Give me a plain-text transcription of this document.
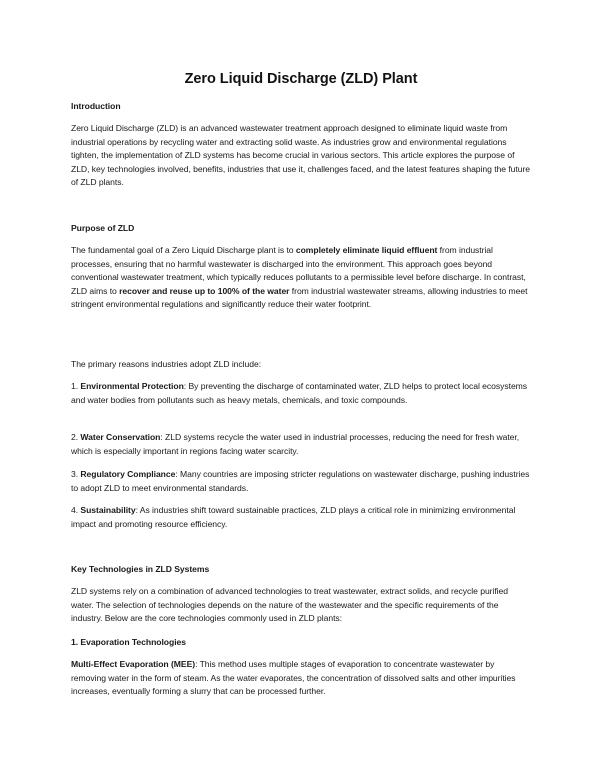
Zero Liquid Discharge (ZLD) Plant
Introduction

Zero Liquid Discharge (ZLD) is an advanced wastewater treatment approach designed to eliminate liquid waste from industrial operations by recycling water and extracting solid waste. As industries grow and environmental regulations tighten, the implementation of ZLD systems has become crucial in various sectors. This article explores the purpose of ZLD, key technologies involved, benefits, industries that use it, challenges faced, and the latest features shaping the future of ZLD plants.

Purpose of ZLD

The fundamental goal of a Zero Liquid Discharge plant is to completely eliminate liquid effluent from industrial processes, ensuring that no harmful wastewater is discharged into the environment. This approach goes beyond conventional wastewater treatment, which typically reduces pollutants to a permissible level before discharge. In contrast, ZLD aims to recover and reuse up to 100% of the water from industrial wastewater streams, allowing industries to meet stringent environmental regulations and significantly reduce their water footprint.

The primary reasons industries adopt ZLD include:

1. Environmental Protection: By preventing the discharge of contaminated water, ZLD helps to protect local ecosystems and water bodies from pollutants such as heavy metals, chemicals, and toxic compounds.

2. Water Conservation: ZLD systems recycle the water used in industrial processes, reducing the need for fresh water, which is especially important in regions facing water scarcity.

3. Regulatory Compliance: Many countries are imposing stricter regulations on wastewater discharge, pushing industries to adopt ZLD to meet environmental standards.

4. Sustainability: As industries shift toward sustainable practices, ZLD plays a critical role in minimizing environmental impact and promoting resource efficiency.

Key Technologies in ZLD Systems

ZLD systems rely on a combination of advanced technologies to treat wastewater, extract solids, and recycle purified water. The selection of technologies depends on the nature of the wastewater and the specific requirements of the industry. Below are the core technologies commonly used in ZLD plants:

1. Evaporation Technologies

Multi-Effect Evaporation (MEE): This method uses multiple stages of evaporation to concentrate wastewater by removing water in the form of steam. As the water evaporates, the concentration of dissolved salts and other impurities increases, eventually forming a slurry that can be processed further.
